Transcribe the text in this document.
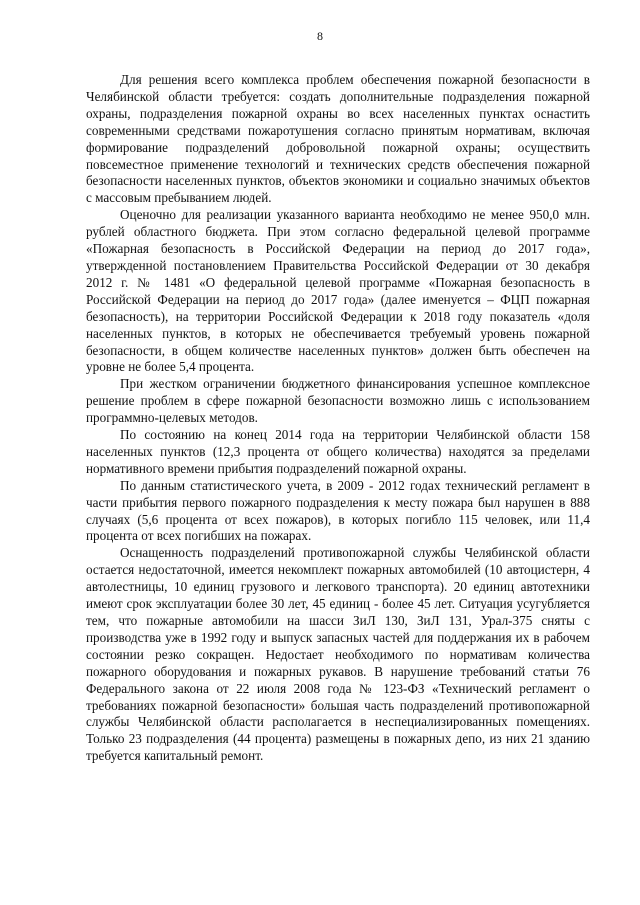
8

Для решения всего комплекса проблем обеспечения пожарной безопасности в Челябинской области требуется: создать дополнительные подразделения пожарной охраны, подразделения пожарной охраны во всех населенных пунктах оснастить современными средствами пожаротушения согласно принятым нормативам, включая формирование подразделений добровольной пожарной охраны; осуществить повсеместное применение технологий и технических средств обеспечения пожарной безопасности населенных пунктов, объектов экономики и социально значимых объектов с массовым пребыванием людей.

Оценочно для реализации указанного варианта необходимо не менее 950,0 млн. рублей областного бюджета. При этом согласно федеральной целевой программе «Пожарная безопасность в Российской Федерации на период до 2017 года», утвержденной постановлением Правительства Российской Федерации от 30 декабря 2012 г. № 1481 «О федеральной целевой программе «Пожарная безопасность в Российской Федерации на период до 2017 года» (далее именуется – ФЦП пожарная безопасность), на территории Российской Федерации к 2018 году показатель «доля населенных пунктов, в которых не обеспечивается требуемый уровень пожарной безопасности, в общем количестве населенных пунктов» должен быть обеспечен на уровне не более 5,4 процента.

При жестком ограничении бюджетного финансирования успешное комплексное решение проблем в сфере пожарной безопасности возможно лишь с использованием программно-целевых методов.

По состоянию на конец 2014 года на территории Челябинской области 158 населенных пунктов (12,3 процента от общего количества) находятся за пределами нормативного времени прибытия подразделений пожарной охраны.

По данным статистического учета, в 2009 - 2012 годах технический регламент в части прибытия первого пожарного подразделения к месту пожара был нарушен в 888 случаях (5,6 процента от всех пожаров), в которых погибло 115 человек, или 11,4 процента от всех погибших на пожарах.

Оснащенность подразделений противопожарной службы Челябинской области остается недостаточной, имеется некомплект пожарных автомобилей (10 автоцистерн, 4 автолестницы, 10 единиц грузового и легкового транспорта). 20 единиц автотехники имеют срок эксплуатации более 30 лет, 45 единиц - более 45 лет. Ситуация усугубляется тем, что пожарные автомобили на шасси ЗиЛ 130, ЗиЛ 131, Урал-375 сняты с производства уже в 1992 году и выпуск запасных частей для поддержания их в рабочем состоянии резко сокращен. Недостает необходимого по нормативам количества пожарного оборудования и пожарных рукавов. В нарушение требований статьи 76 Федерального закона от 22 июля 2008 года № 123-ФЗ «Технический регламент о требованиях пожарной безопасности» большая часть подразделений противопожарной службы Челябинской области располагается в неспециализированных помещениях. Только 23 подразделения (44 процента) размещены в пожарных депо, из них 21 зданию требуется капитальный ремонт.
